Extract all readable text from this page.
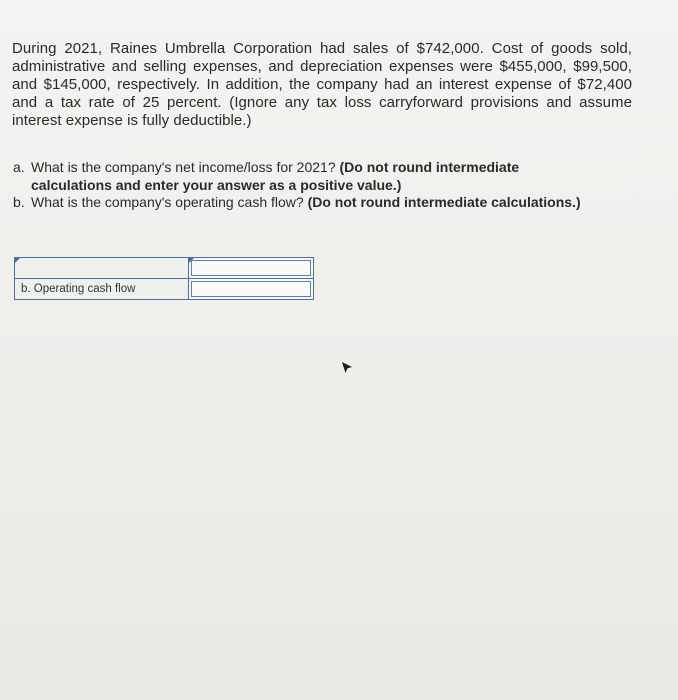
During 2021, Raines Umbrella Corporation had sales of $742,000. Cost of goods sold, administrative and selling expenses, and depreciation expenses were $455,000, $99,500, and $145,000, respectively. In addition, the company had an interest expense of $72,400 and a tax rate of 25 percent. (Ignore any tax loss carryforward provisions and assume interest expense is fully deductible.)
a. What is the company's net income/loss for 2021? (Do not round intermediate calculations and enter your answer as a positive value.)
b. What is the company's operating cash flow? (Do not round intermediate calculations.)

b. Operating cash flow	
